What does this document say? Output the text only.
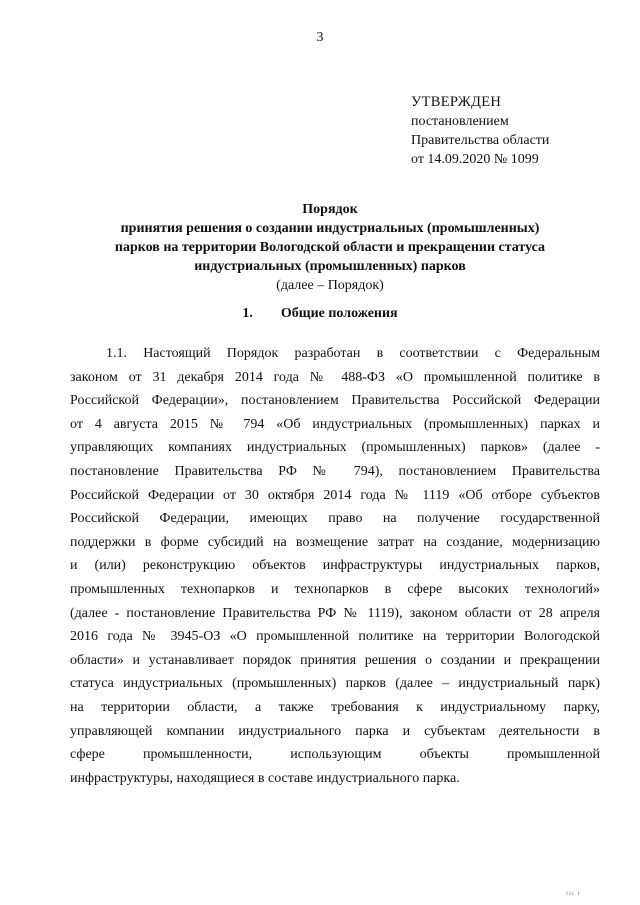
3
УТВЕРЖДЕН
постановлением
Правительства области
от 14.09.2020 № 1099
Порядок
принятия решения о создании индустриальных (промышленных)
парков на территории Вологодской области и прекращении статуса
индустриальных (промышленных) парков
(далее – Порядок)
1. Общие положения
1.1. Настоящий Порядок разработан в соответствии с Федеральным
законом от 31 декабря 2014 года № 488-ФЗ «О промышленной политике в
Российской Федерации», постановлением Правительства Российской Федерации
от 4 августа 2015 № 794 «Об индустриальных (промышленных) парках и
управляющих компаниях индустриальных (промышленных) парков» (далее -
постановление Правительства РФ № 794), постановлением Правительства
Российской Федерации от 30 октября 2014 года № 1119 «Об отборе субъектов
Российской Федерации, имеющих право на получение государственной
поддержки в форме субсидий на возмещение затрат на создание, модернизацию
и (или) реконструкцию объектов инфраструктуры индустриальных парков,
промышленных технопарков и технопарков в сфере высоких технологий»
(далее - постановление Правительства РФ № 1119), законом области от 28 апреля
2016 года № 3945-ОЗ «О промышленной политике на территории Вологодской
области» и устанавливает порядок принятия решения о создании и прекращении
статуса индустриальных (промышленных) парков (далее – индустриальный парк)
на территории области, а также требования к индустриальному парку,
управляющей компании индустриального парка и субъектам деятельности в
сфере промышленности, использующим объекты промышленной
инфраструктуры, находящиеся в составе индустриального парка.
ııı ı
